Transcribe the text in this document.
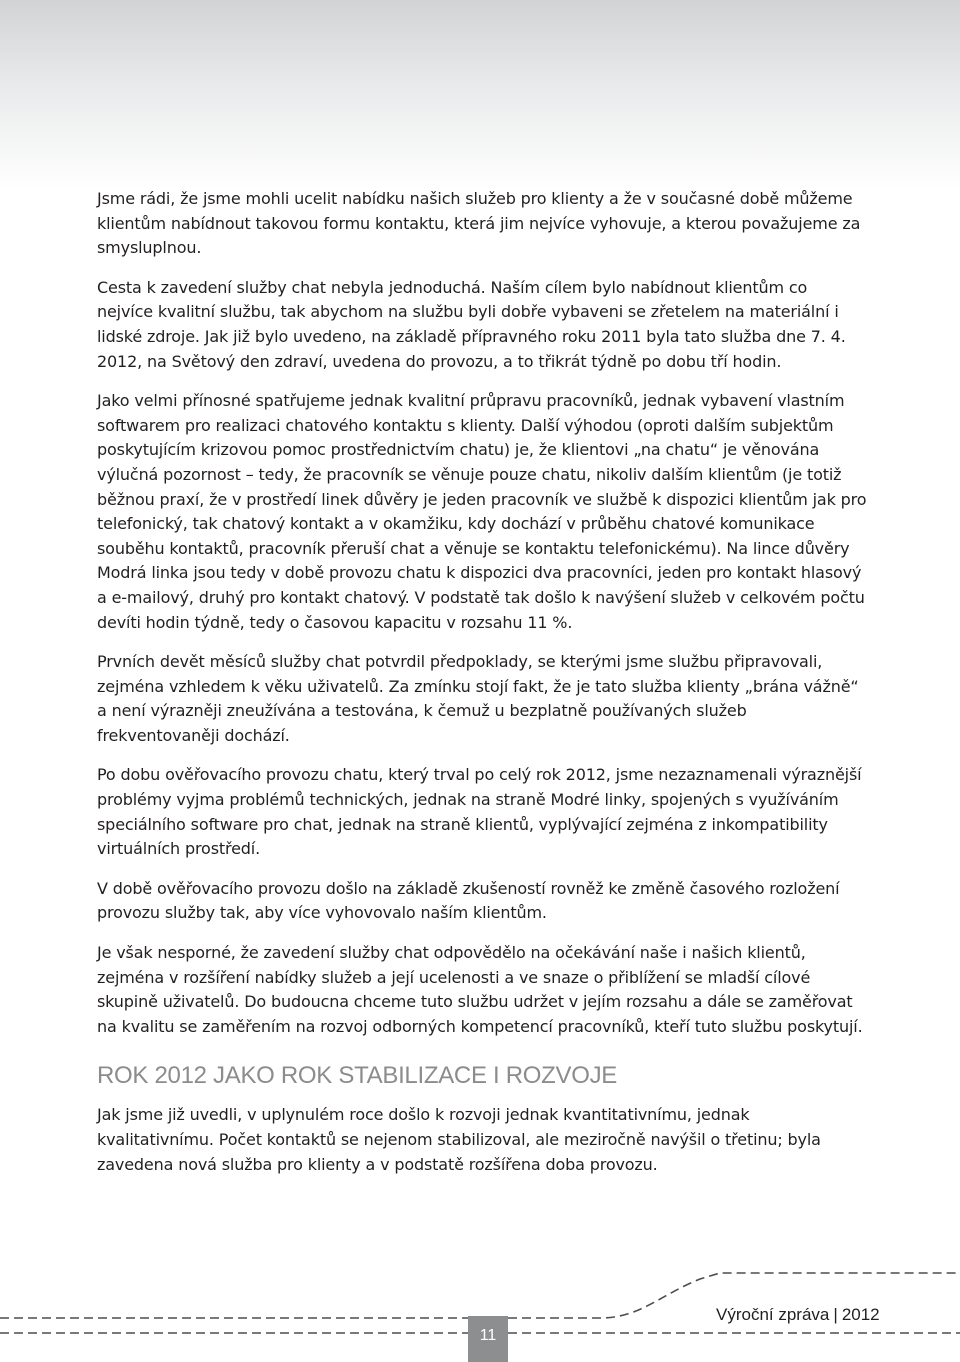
Jsme rádi, že jsme mohli ucelit nabídku našich služeb pro klienty a že v současné době můžeme klientům nabídnout takovou formu kontaktu, která jim nejvíce vyhovuje, a kterou považujeme za smysluplnou.

Cesta k zavedení služby chat nebyla jednoduchá. Naším cílem bylo nabídnout klientům co nejvíce kvalitní službu, tak abychom na službu byli dobře vybaveni se zřetelem na materiální i lidské zdroje. Jak již bylo uvedeno, na základě přípravného roku 2011 byla tato služba dne 7. 4. 2012, na Světový den zdraví, uvedena do provozu, a to třikrát týdně po dobu tří hodin.

Jako velmi přínosné spatřujeme jednak kvalitní průpravu pracovníků, jednak vybavení vlastním softwarem pro realizaci chatového kontaktu s klienty. Další výhodou (oproti dalším subjektům poskytujícím krizovou pomoc prostřednictvím chatu) je, že klientovi „na chatu“ je věnována výlučná pozornost – tedy, že pracovník se věnuje pouze chatu, nikoliv dalším klientům (je totiž běžnou praxí, že v prostředí linek důvěry je jeden pracovník ve službě k dispozici klientům jak pro telefonický, tak chatový kontakt a v okamžiku, kdy dochází v průběhu chatové komunikace souběhu kontaktů, pracovník přeruší chat a věnuje se kontaktu telefonickému). Na lince důvěry Modrá linka jsou tedy v době provozu chatu k dispozici dva pracovníci, jeden pro kontakt hlasový a e-mailový, druhý pro kontakt chatový. V podstatě tak došlo k navýšení služeb v celkovém počtu devíti hodin týdně, tedy o časovou kapacitu v rozsahu 11 %.

Prvních devět měsíců služby chat potvrdil předpoklady, se kterými jsme službu připravovali, zejména vzhledem k věku uživatelů. Za zmínku stojí fakt, že je tato služba klienty „brána vážně“ a není výrazněji zneužívána a testována, k čemuž u bezplatně používaných služeb frekventovaněji dochází.

Po dobu ověřovacího provozu chatu, který trval po celý rok 2012, jsme nezaznamenali výraznější problémy vyjma problémů technických, jednak na straně Modré linky, spojených s využíváním speciálního software pro chat, jednak na straně klientů, vyplývající zejména z inkompatibility virtuálních prostředí.

V době ověřovacího provozu došlo na základě zkušeností rovněž ke změně časového rozložení provozu služby tak, aby více vyhovovalo naším klientům.

Je však nesporné, že zavedení služby chat odpovědělo na očekávání naše i našich klientů, zejména v rozšíření nabídky služeb a její ucelenosti a ve snaze o přiblížení se mladší cílové skupině uživatelů. Do budoucna chceme tuto službu udržet v jejím rozsahu a dále se zaměřovat na kvalitu se zaměřením na rozvoj odborných kompetencí pracovníků, kteří tuto službu poskytují.

ROK 2012 JAKO ROK STABILIZACE I ROZVOJE

Jak jsme již uvedli, v uplynulém roce došlo k rozvoji jednak kvantitativnímu, jednak kvalitativnímu. Počet kontaktů se nejenom stabilizoval, ale meziročně navýšil o třetinu; byla zavedena nová služba pro klienty a v podstatě rozšířena doba provozu.

Výroční zpráva | 2012
11
